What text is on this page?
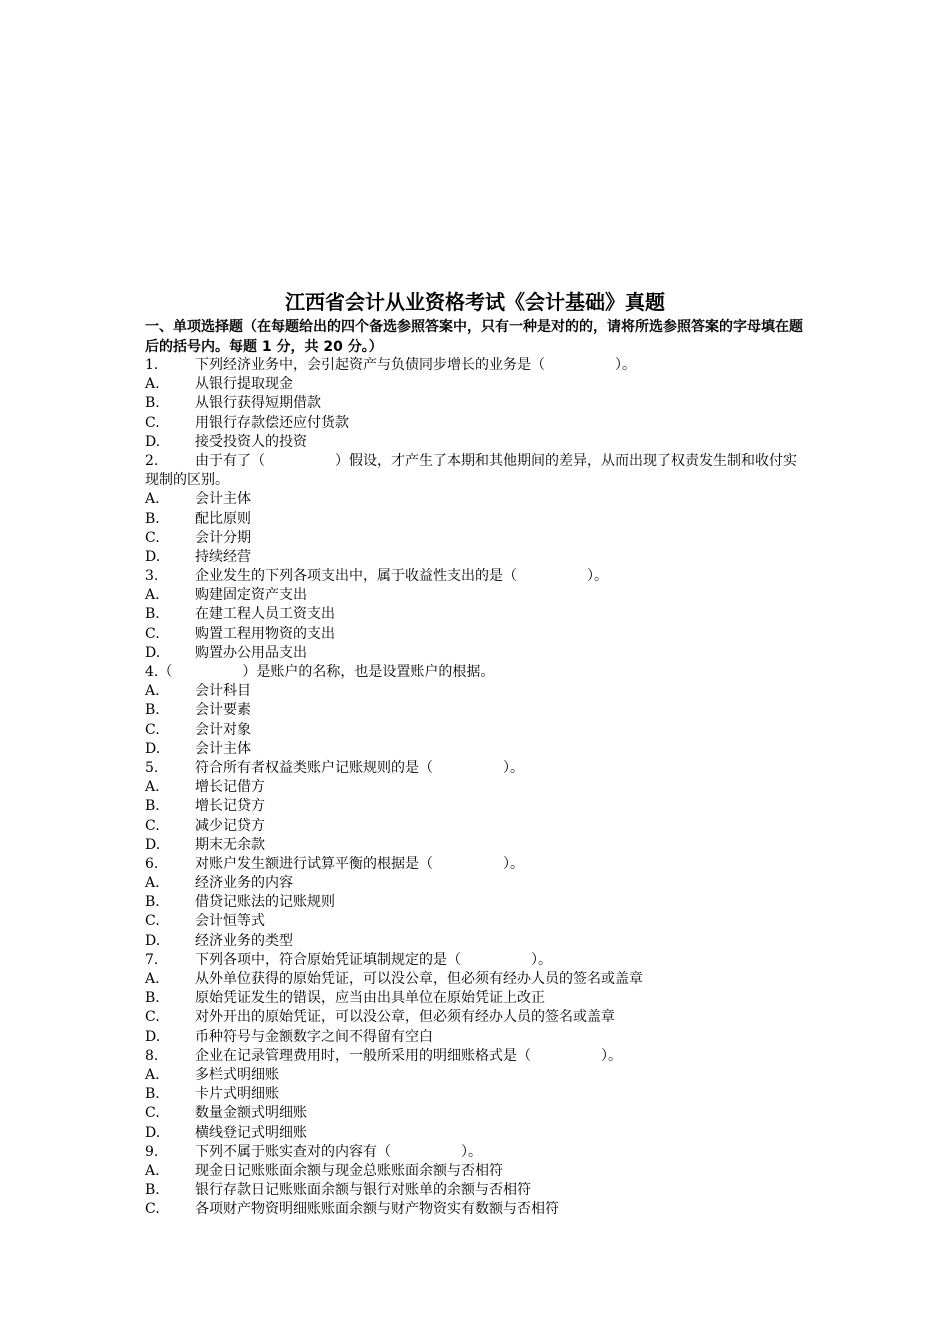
江西省会计从业资格考试《会计基础》真题
一、单项选择题（在每题给出的四个备选参照答案中，只有一种是对的的，请将所选参照答案的字母填在题后的括号内。每题 1 分，共 20 分。）
1.	下列经济业务中，会引起资产与负债同步增长的业务是（　　　　　）。
A.	从银行提取现金
B.	从银行获得短期借款
C.	用银行存款偿还应付货款
D.	接受投资人的投资
2.	由于有了（　　　　　）假设，才产生了本期和其他期间的差异，从而出现了权责发生制和收付实现制的区别。
A.	会计主体
B.	配比原则
C.	会计分期
D.	持续经营
3.	企业发生的下列各项支出中，属于收益性支出的是（　　　　　）。
A.	购建固定资产支出
B.	在建工程人员工资支出
C.	购置工程用物资的支出
D.	购置办公用品支出
4. （　　　　　）是账户的名称，也是设置账户的根据。
A.	会计科目
B.	会计要素
C.	会计对象
D.	会计主体
5.	符合所有者权益类账户记账规则的是（　　　　　）。
A.	增长记借方
B.	增长记贷方
C.	减少记贷方
D.	期末无余款
6.	对账户发生额进行试算平衡的根据是（　　　　　）。
A.	经济业务的内容
B.	借贷记账法的记账规则
C.	会计恒等式
D.	经济业务的类型
7.	下列各项中，符合原始凭证填制规定的是（　　　　　）。
A.	从外单位获得的原始凭证，可以没公章，但必须有经办人员的签名或盖章
B.	原始凭证发生的错误，应当由出具单位在原始凭证上改正
C.	对外开出的原始凭证，可以没公章，但必须有经办人员的签名或盖章
D.	币种符号与金额数字之间不得留有空白
8.	企业在记录管理费用时，一般所采用的明细账格式是（　　　　　）。
A.	多栏式明细账
B.	卡片式明细账
C.	数量金额式明细账
D.	横线登记式明细账
9.	下列不属于账实查对的内容有（　　　　　）。
A.	现金日记账账面余额与现金总账账面余额与否相符
B.	银行存款日记账账面余额与银行对账单的余额与否相符
C.	各项财产物资明细账账面余额与财产物资实有数额与否相符
